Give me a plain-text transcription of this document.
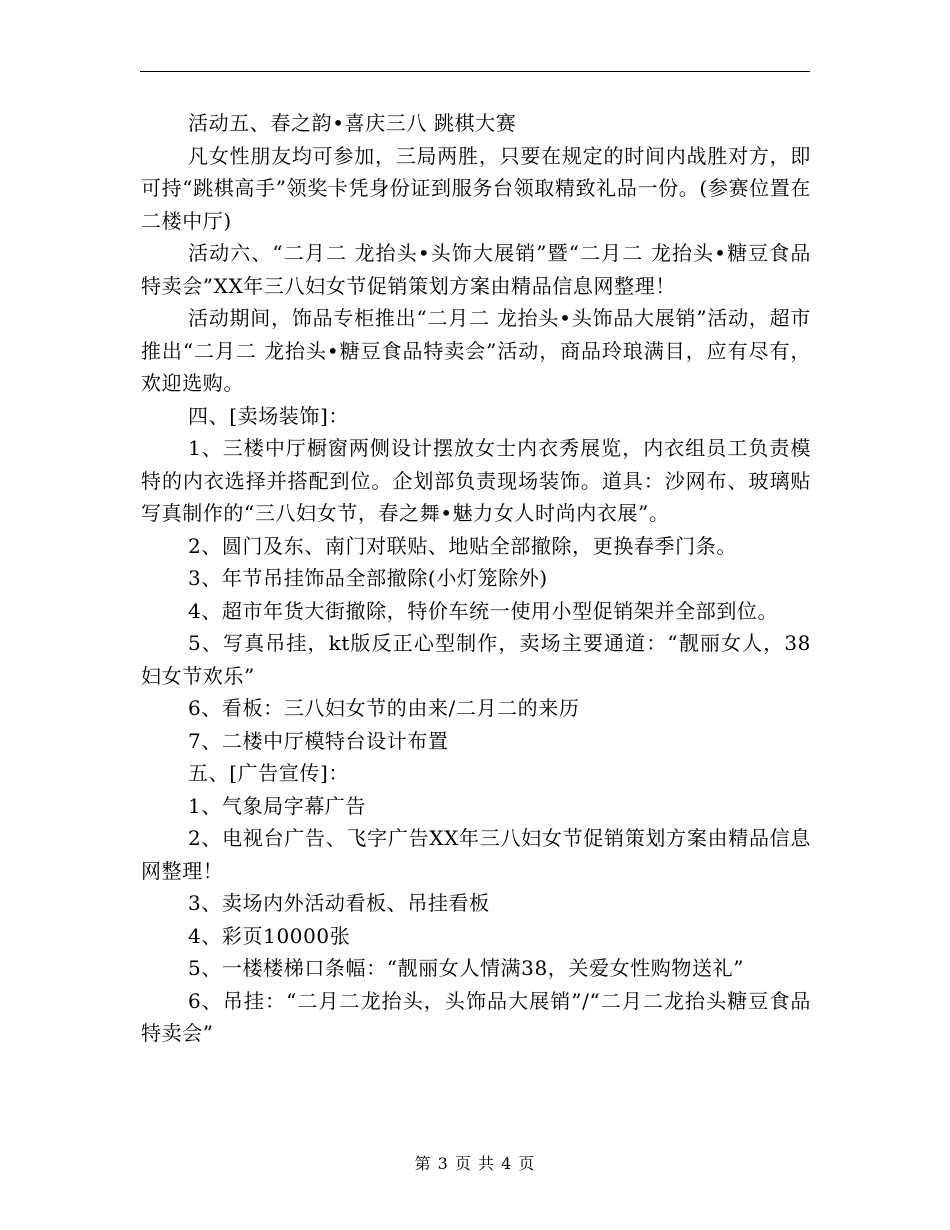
活动五、春之韵•喜庆三八 跳棋大赛

凡女性朋友均可参加，三局两胜，只要在规定的时间内战胜对方，即可持“跳棋高手”领奖卡凭身份证到服务台领取精致礼品一份。(参赛位置在二楼中厅)

活动六、“二月二 龙抬头•头饰大展销”暨“二月二 龙抬头•糖豆食品特卖会”XX年三八妇女节促销策划方案由精品信息网整理！

活动期间，饰品专柜推出“二月二 龙抬头•头饰品大展销”活动，超市推出“二月二 龙抬头•糖豆食品特卖会”活动，商品玲琅满目，应有尽有，欢迎选购。

四、[卖场装饰]：

1、三楼中厅橱窗两侧设计摆放女士内衣秀展览，内衣组员工负责模特的内衣选择并搭配到位。企划部负责现场装饰。道具：沙网布、玻璃贴写真制作的“三八妇女节，春之舞•魅力女人时尚内衣展”。

2、圆门及东、南门对联贴、地贴全部撤除，更换春季门条。

3、年节吊挂饰品全部撤除(小灯笼除外)

4、超市年货大街撤除，特价车统一使用小型促销架并全部到位。

5、写真吊挂，kt版反正心型制作，卖场主要通道：“靓丽女人，38妇女节欢乐”

6、看板：三八妇女节的由来/二月二的来历

7、二楼中厅模特台设计布置

五、[广告宣传]：

1、气象局字幕广告

2、电视台广告、飞字广告XX年三八妇女节促销策划方案由精品信息网整理！

3、卖场内外活动看板、吊挂看板

4、彩页10000张

5、一楼楼梯口条幅：“靓丽女人情满38，关爱女性购物送礼”

6、吊挂：“二月二龙抬头，头饰品大展销”/“二月二龙抬头糖豆食品特卖会”

第 3 页 共 4 页
